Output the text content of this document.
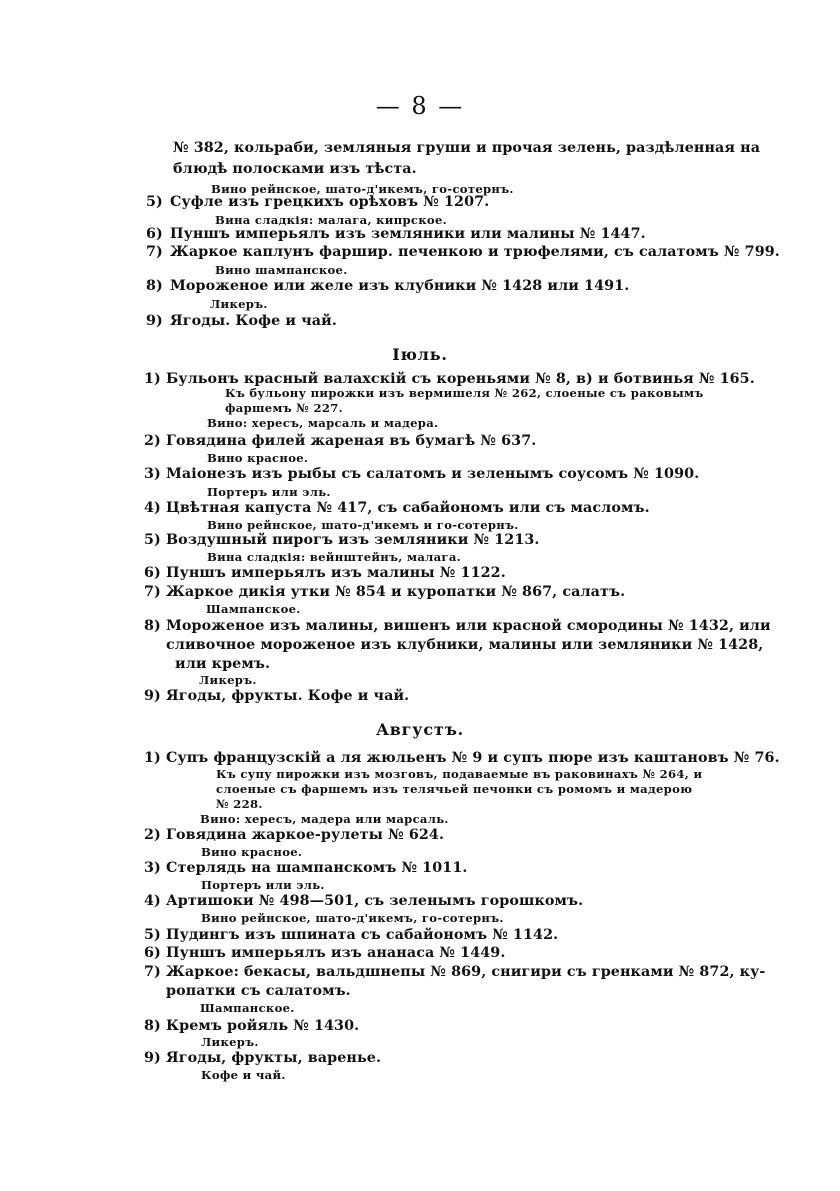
— 8 —
№ 382, кольраби, земляныя груши и прочая зелень, раздѣленная на
блюдѣ полосками изъ тѣста.
Вино рейнское, шато-д'икемъ, го-сотернъ.
5) Суфле изъ грецкихъ орѣховъ № 1207.
Вина сладкія: малага, кипрское.
6) Пуншъ имперьялъ изъ земляники или малины № 1447.
7) Жаркое каплунъ фаршир. печенкою и трюфелями, съ салатомъ № 799.
Вино шампанское.
8) Мороженое или желе изъ клубники № 1428 или 1491.
Ликеръ.
9) Ягоды. Кофе и чай.
Іюль.
1) Бульонъ красный валахскій съ кореньями № 8, в) и ботвинья № 165.
Къ бульону пирожки изъ вермишеля № 262, слоеные съ раковымъ
фаршемъ № 227.
Вино: хересъ, марсаль и мадера.
2) Говядина филей жареная въ бумагѣ № 637.
Вино красное.
3) Маіонезъ изъ рыбы съ салатомъ и зеленымъ соусомъ № 1090.
Портеръ или эль.
4) Цвѣтная капуста № 417, съ сабайономъ или съ масломъ.
Вино рейнское, шато-д'икемъ и го-сотернъ.
5) Воздушный пирогъ изъ земляники № 1213.
Вина сладкія: вейнштейнъ, малага.
6) Пуншъ имперьялъ изъ малины № 1122.
7) Жаркое дикія утки № 854 и куропатки № 867, салатъ.
Шампанское.
8) Мороженое изъ малины, вишенъ или красной смородины № 1432, или
сливочное мороженое изъ клубники, малины или земляники № 1428,
или кремъ.
Ликеръ.
9) Ягоды, фрукты. Кофе и чай.
Августъ.
1) Супъ французскій а ля жюльенъ № 9 и супъ пюре изъ каштановъ № 76.
Къ супу пирожки изъ мозговъ, подаваемые въ раковинахъ № 264, и
слоеные съ фаршемъ изъ телячьей печонки съ ромомъ и мадерою
№ 228.
Вино: хересъ, мадера или марсаль.
2) Говядина жаркое-рулеты № 624.
Вино красное.
3) Стерлядь на шампанскомъ № 1011.
Портеръ или эль.
4) Артишоки № 498—501, съ зеленымъ горошкомъ.
Вино рейнское, шато-д'икемъ, го-сотернъ.
5) Пудингъ изъ шпината съ сабайономъ № 1142.
6) Пуншъ имперьялъ изъ ананаса № 1449.
7) Жаркое: бекасы, вальдшнепы № 869, снигири съ гренками № 872, ку-
ропатки съ салатомъ.
Шампанское.
8) Кремъ ройяль № 1430.
Ликеръ.
9) Ягоды, фрукты, варенье.
Кофе и чай.
